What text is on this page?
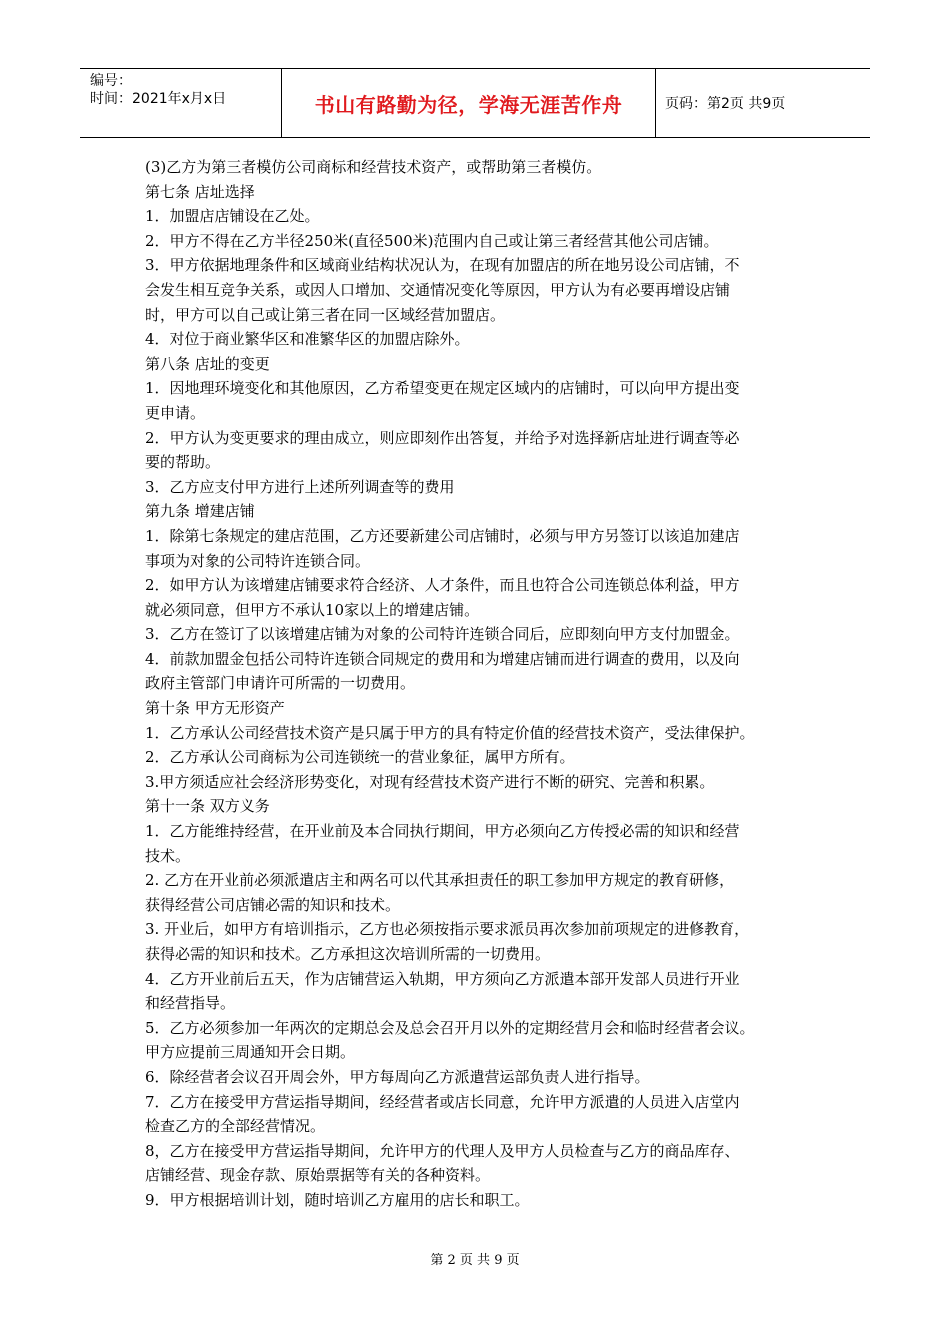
编号：
时间：2021年x月x日	书山有路勤为径，学海无涯苦作舟	页码：第2页 共9页

(3)乙方为第三者模仿公司商标和经营技术资产，或帮助第三者模仿。

第七条 店址选择

1．加盟店店铺设在乙处。

2．甲方不得在乙方半径250米(直径500米)范围内自己或让第三者经营其他公司店铺。

3．甲方依据地理条件和区域商业结构状况认为，在现有加盟店的所在地另设公司店铺，不

会发生相互竞争关系，或因人口增加、交通情况变化等原因，甲方认为有必要再增设店铺

时，甲方可以自己或让第三者在同一区域经营加盟店。

4．对位于商业繁华区和准繁华区的加盟店除外。

第八条 店址的变更

1．因地理环境变化和其他原因，乙方希望变更在规定区域内的店铺时，可以向甲方提出变

更申请。

2．甲方认为变更要求的理由成立，则应即刻作出答复，并给予对选择新店址进行调查等必

要的帮助。

3．乙方应支付甲方进行上述所列调查等的费用

第九条 增建店铺

1．除第七条规定的建店范围，乙方还要新建公司店铺时，必须与甲方另签订以该追加建店

事项为对象的公司特许连锁合同。

2．如甲方认为该增建店铺要求符合经济、人才条件，而且也符合公司连锁总体利益，甲方

就必须同意，但甲方不承认10家以上的增建店铺。

3．乙方在签订了以该增建店铺为对象的公司特许连锁合同后，应即刻向甲方支付加盟金。

4．前款加盟金包括公司特许连锁合同规定的费用和为增建店铺而进行调查的费用，以及向

政府主管部门申请许可所需的一切费用。

第十条 甲方无形资产

1．乙方承认公司经营技术资产是只属于甲方的具有特定价值的经营技术资产，受法律保护。

2．乙方承认公司商标为公司连锁统一的营业象征，属甲方所有。

3.甲方须适应社会经济形势变化，对现有经营技术资产进行不断的研究、完善和积累。

第十一条 双方义务

1．乙方能维持经营，在开业前及本合同执行期间，甲方必须向乙方传授必需的知识和经营

技术。

2. 乙方在开业前必须派遣店主和两名可以代其承担责任的职工参加甲方规定的教育研修，

获得经营公司店铺必需的知识和技术。

3. 开业后，如甲方有培训指示，乙方也必须按指示要求派员再次参加前项规定的进修教育，

获得必需的知识和技术。乙方承担这次培训所需的一切费用。

4．乙方开业前后五天，作为店铺营运入轨期，甲方须向乙方派遣本部开发部人员进行开业

和经营指导。

5．乙方必须参加一年两次的定期总会及总会召开月以外的定期经营月会和临时经营者会议。

甲方应提前三周通知开会日期。

6．除经营者会议召开周会外，甲方每周向乙方派遣营运部负责人进行指导。

7．乙方在接受甲方营运指导期间，经经营者或店长同意，允许甲方派遣的人员进入店堂内

检查乙方的全部经营情况。

8，乙方在接受甲方营运指导期间，允许甲方的代理人及甲方人员检查与乙方的商品库存、

店铺经营、现金存款、原始票据等有关的各种资料。

9．甲方根据培训计划，随时培训乙方雇用的店长和职工。

第 2 页 共 9 页
